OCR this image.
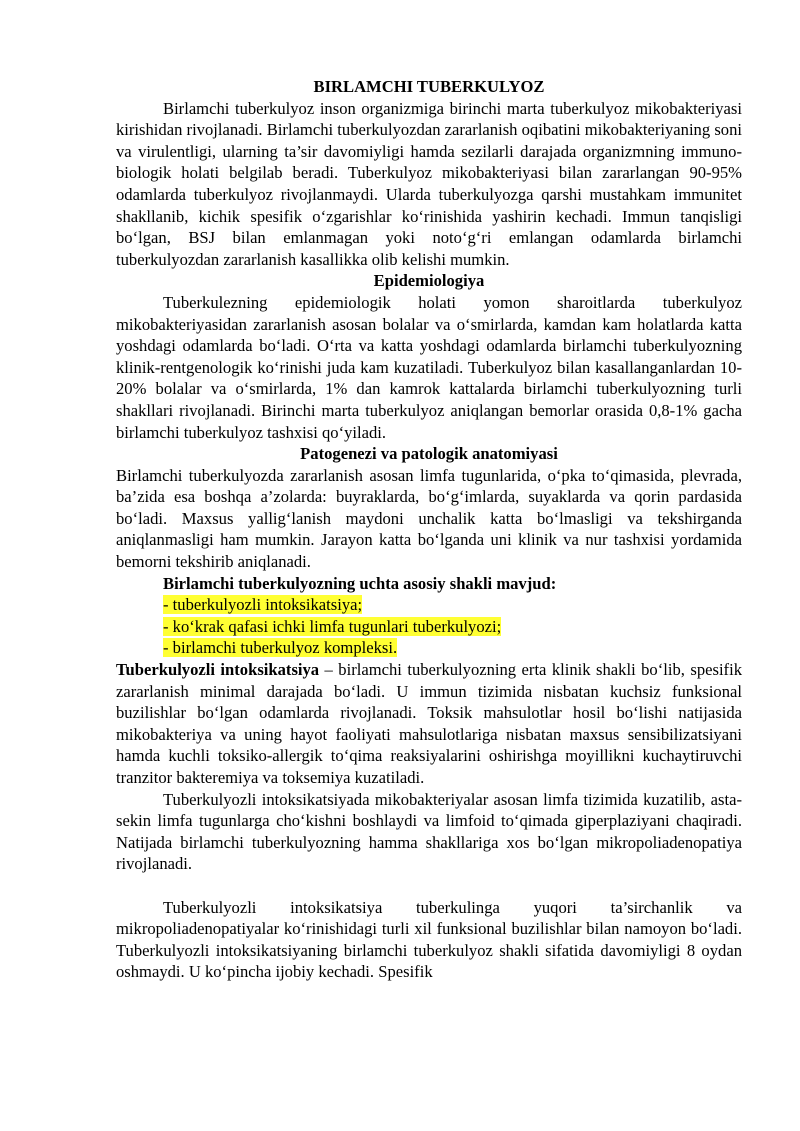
BIRLAMCHI TUBERKULYOZ

Birlamchi tuberkulyoz inson organizmiga birinchi marta tuberkulyoz mikobakteriyasi kirishidan rivojlanadi. Birlamchi tuberkulyozdan zararlanish oqibatini mikobakteriyaning soni va virulentligi, ularning ta’sir davomiyligi hamda sezilarli darajada organizmning immuno-biologik holati belgilab beradi. Tuberkulyoz mikobakteriyasi bilan zararlangan 90-95% odamlarda tuberkulyoz rivojlanmaydi. Ularda tuberkulyozga qarshi mustahkam immunitet shakllanib, kichik spesifik o‘zgarishlar ko‘rinishida yashirin kechadi. Immun tanqisligi bo‘lgan, BSJ bilan emlanmagan yoki noto‘g‘ri emlangan odamlarda birlamchi tuberkulyozdan zararlanish kasallikka olib kelishi mumkin.

Epidemiologiya

Tuberkulezning epidemiologik holati yomon sharoitlarda tuberkulyoz mikobakteriyasidan zararlanish asosan bolalar va o‘smirlarda, kamdan kam holatlarda katta yoshdagi odamlarda bo‘ladi. O‘rta va katta yoshdagi odamlarda birlamchi tuberkulyozning klinik-rentgenologik ko‘rinishi juda kam kuzatiladi. Tuberkulyoz bilan kasallanganlardan 10-20% bolalar va o‘smirlarda, 1% dan kamrok kattalarda birlamchi tuberkulyozning turli shakllari rivojlanadi. Birinchi marta tuberkulyoz aniqlangan bemorlar orasida 0,8-1% gacha birlamchi tuberkulyoz tashxisi qo‘yiladi.

Patogenezi va patologik anatomiyasi

Birlamchi tuberkulyozda zararlanish asosan limfa tugunlarida, o‘pka to‘qimasida, plevrada, ba’zida esa boshqa a’zolarda: buyraklarda, bo‘g‘imlarda, suyaklarda va qorin pardasida bo‘ladi. Maxsus yallig‘lanish maydoni unchalik katta bo‘lmasligi va tekshirganda aniqlanmasligi ham mumkin. Jarayon katta bo‘lganda uni klinik va nur tashxisi yordamida bemorni tekshirib aniqlanadi.

Birlamchi tuberkulyozning uchta asosiy shakli mavjud:
- tuberkulyozli intoksikatsiya;
- ko‘krak qafasi ichki limfa tugunlari tuberkulyozi;
- birlamchi tuberkulyoz kompleksi.

Tuberkulyozli intoksikatsiya – birlamchi tuberkulyozning erta klinik shakli bo‘lib, spesifik zararlanish minimal darajada bo‘ladi. U immun tizimida nisbatan kuchsiz funksional buzilishlar bo‘lgan odamlarda rivojlanadi. Toksik mahsulotlar hosil bo‘lishi natijasida mikobakteriya va uning hayot faoliyati mahsulotlariga nisbatan maxsus sensibilizatsiyani hamda kuchli toksiko-allergik to‘qima reaksiyalarini oshirishga moyillikni kuchaytiruvchi tranzitor bakteremiya va toksemiya kuzatiladi.

Tuberkulyozli intoksikatsiyada mikobakteriyalar asosan limfa tizimida kuzatilib, asta-sekin limfa tugunlarga cho‘kishni boshlaydi va limfoid to‘qimada giperplaziyani chaqiradi. Natijada birlamchi tuberkulyozning hamma shakllariga xos bo‘lgan mikropoliadenopatiya rivojlanadi.

Tuberkulyozli intoksikatsiya tuberkulinga yuqori ta’sirchanlik va mikropoliadenopatiyalar ko‘rinishidagi turli xil funksional buzilishlar bilan namoyon bo‘ladi. Tuberkulyozli intoksikatsiyaning birlamchi tuberkulyoz shakli sifatida davomiyligi 8 oydan oshmaydi. U ko‘pincha ijobiy kechadi. Spesifik
